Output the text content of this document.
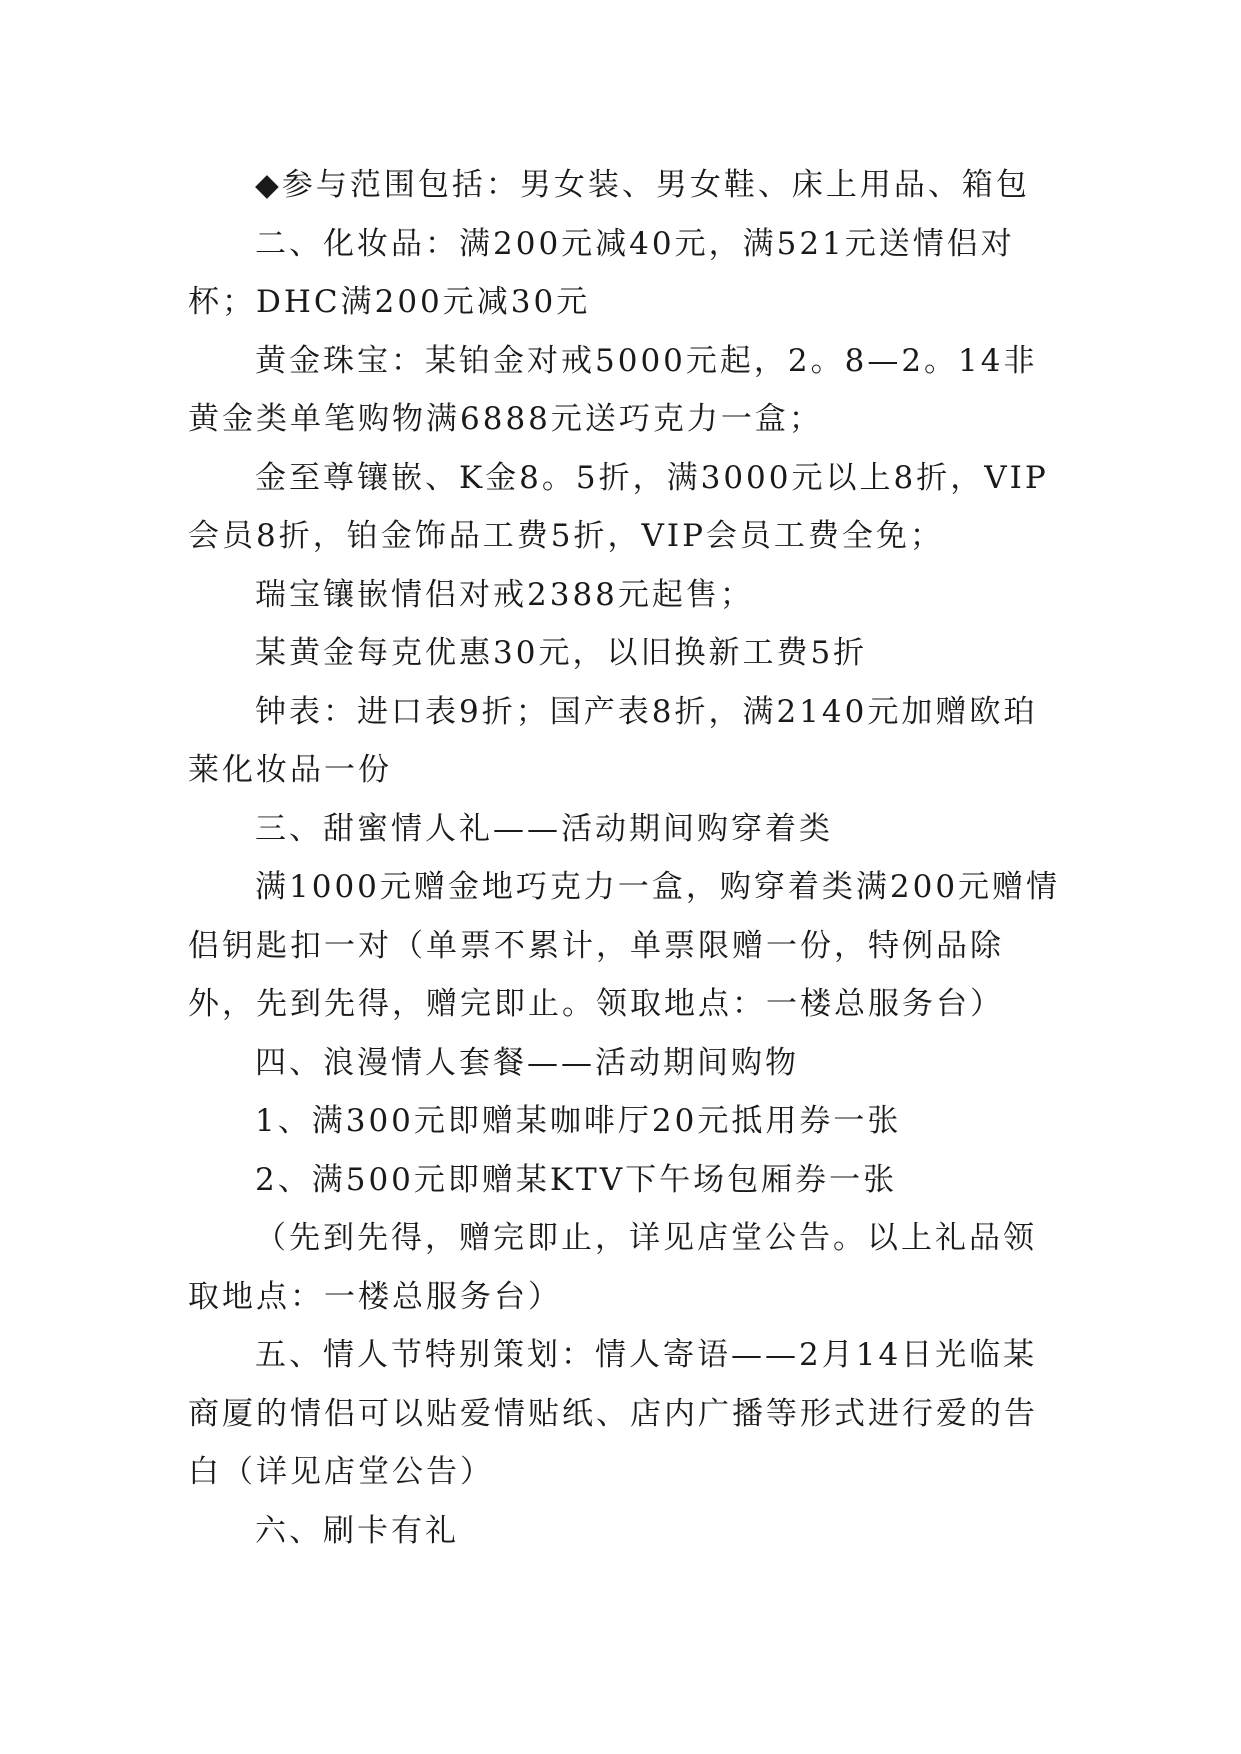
◆参与范围包括：男女装、男女鞋、床上用品、箱包

二、化妆品：满200元减40元，满521元送情侣对杯；DHC满200元减30元

黄金珠宝：某铂金对戒5000元起，2。8—2。14非黄金类单笔购物满6888元送巧克力一盒；

金至尊镶嵌、K金8。5折，满3000元以上8折，VIP会员8折，铂金饰品工费5折，VIP会员工费全免；

瑞宝镶嵌情侣对戒2388元起售；

某黄金每克优惠30元，以旧换新工费5折

钟表：进口表9折；国产表8折，满2140元加赠欧珀莱化妆品一份

三、甜蜜情人礼——活动期间购穿着类

满1000元赠金地巧克力一盒，购穿着类满200元赠情侣钥匙扣一对（单票不累计，单票限赠一份，特例品除外，先到先得，赠完即止。领取地点：一楼总服务台）

四、浪漫情人套餐——活动期间购物

1、满300元即赠某咖啡厅20元抵用券一张

2、满500元即赠某KTV下午场包厢券一张

（先到先得，赠完即止，详见店堂公告。以上礼品领取地点：一楼总服务台）

五、情人节特别策划：情人寄语——2月14日光临某商厦的情侣可以贴爱情贴纸、店内广播等形式进行爱的告白（详见店堂公告）

六、刷卡有礼
